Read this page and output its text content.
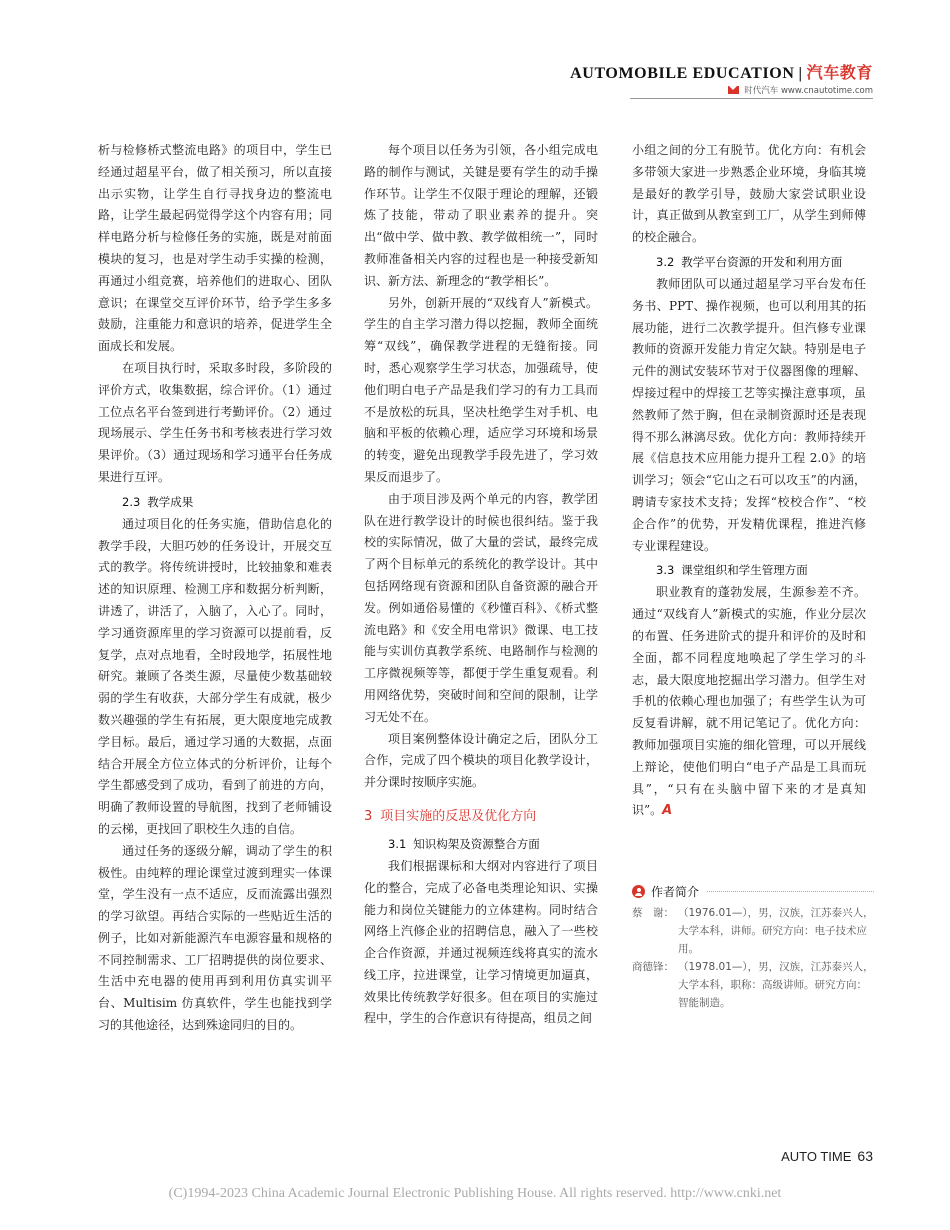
AUTOMOBILE EDUCATION | 汽车教育
时代汽车 www.cnautotime.com

析与检修桥式整流电路》的项目中，学生已经通过超星平台，做了相关预习，所以直接出示实物，让学生自行寻找身边的整流电路，让学生最起码觉得学这个内容有用；同样电路分析与检修任务的实施，既是对前面模块的复习，也是对学生动手实操的检测，再通过小组竞赛，培养他们的进取心、团队意识；在课堂交互评价环节，给予学生多多鼓励，注重能力和意识的培养，促进学生全面成长和发展。

在项目执行时，采取多时段，多阶段的评价方式，收集数据，综合评价。（1）通过工位点名平台签到进行考勤评价。（2）通过现场展示、学生任务书和考核表进行学习效果评价。（3）通过现场和学习通平台任务成果进行互评。

2.3 教学成果

通过项目化的任务实施，借助信息化的教学手段，大胆巧妙的任务设计，开展交互式的教学。将传统讲授时，比较抽象和难表述的知识原理、检测工序和数据分析判断，讲透了，讲活了，入脑了，入心了。同时，学习通资源库里的学习资源可以提前看，反复学，点对点地看，全时段地学，拓展性地研究。兼顾了各类生源，尽量使少数基础较弱的学生有收获，大部分学生有成就，极少数兴趣强的学生有拓展，更大限度地完成教学目标。最后，通过学习通的大数据，点面结合开展全方位立体式的分析评价，让每个学生都感受到了成功，看到了前进的方向，明确了教师设置的导航图，找到了老师铺设的云梯，更找回了职校生久违的自信。

通过任务的逐级分解，调动了学生的积极性。由纯粹的理论课堂过渡到理实一体课堂，学生没有一点不适应，反而流露出强烈的学习欲望。再结合实际的一些贴近生活的例子，比如对新能源汽车电源容量和规格的不同控制需求、工厂招聘提供的岗位要求、生活中充电器的使用再到利用仿真实训平台、Multisim 仿真软件，学生也能找到学习的其他途径，达到殊途同归的目的。

每个项目以任务为引领，各小组完成电路的制作与测试，关键是要有学生的动手操作环节。让学生不仅限于理论的理解，还锻炼了技能，带动了职业素养的提升。突出“做中学、做中教、教学做相统一”，同时教师准备相关内容的过程也是一种接受新知识、新方法、新理念的“教学相长”。

另外，创新开展的“双线育人”新模式。学生的自主学习潜力得以挖掘，教师全面统筹“双线”，确保教学进程的无缝衔接。同时，悉心观察学生学习状态，加强疏导，使他们明白电子产品是我们学习的有力工具而不是放松的玩具，坚决杜绝学生对手机、电脑和平板的依赖心理，适应学习环境和场景的转变，避免出现教学手段先进了，学习效果反而退步了。

由于项目涉及两个单元的内容，教学团队在进行教学设计的时候也很纠结。鉴于我校的实际情况，做了大量的尝试，最终完成了两个目标单元的系统化的教学设计。其中包括网络现有资源和团队自备资源的融合开发。例如通俗易懂的《秒懂百科》、《桥式整流电路》和《安全用电常识》微课、电工技能与实训仿真教学系统、电路制作与检测的工序微视频等等，都便于学生重复观看。利用网络优势，突破时间和空间的限制，让学习无处不在。

项目案例整体设计确定之后，团队分工合作，完成了四个模块的项目化教学设计，并分课时按顺序实施。

3 项目实施的反思及优化方向
3.1 知识构架及资源整合方面

我们根据课标和大纲对内容进行了项目化的整合，完成了必备电类理论知识、实操能力和岗位关键能力的立体建构。同时结合网络上汽修企业的招聘信息，融入了一些校企合作资源，并通过视频连线将真实的流水线工序，拉进课堂，让学习情境更加逼真，效果比传统教学好很多。但在项目的实施过程中，学生的合作意识有待提高，组员之间

小组之间的分工有脱节。优化方向：有机会多带领大家进一步熟悉企业环境，身临其境是最好的教学引导，鼓励大家尝试职业设计，真正做到从教室到工厂，从学生到师傅的校企融合。

3.2 教学平台资源的开发和利用方面

教师团队可以通过超星学习平台发布任务书、PPT、操作视频，也可以利用其的拓展功能，进行二次教学提升。但汽修专业课教师的资源开发能力肯定欠缺。特别是电子元件的测试安装环节对于仪器图像的理解、焊接过程中的焊接工艺等实操注意事项，虽然教师了然于胸，但在录制资源时还是表现得不那么淋漓尽致。优化方向：教师持续开展《信息技术应用能力提升工程 2.0》的培训学习；领会“它山之石可以攻玉”的内涵，聘请专家技术支持；发挥“校校合作”、“校企合作”的优势，开发精优课程，推进汽修专业课程建设。

3.3 课堂组织和学生管理方面

职业教育的蓬勃发展，生源参差不齐。通过“双线育人”新模式的实施，作业分层次的布置、任务进阶式的提升和评价的及时和全面，都不同程度地唤起了学生学习的斗志，最大限度地挖掘出学习潜力。但学生对手机的依赖心理也加强了；有些学生认为可反复看讲解，就不用记笔记了。优化方向：教师加强项目实施的细化管理，可以开展线上辩论，使他们明白“电子产品是工具而玩具”，“只有在头脑中留下来的才是真知识”。A

作者简介
蔡　谢： （1976.01—），男，汉族，江苏泰兴人，大学本科，讲师。研究方向：电子技术应用。
商德锋： （1978.01—），男，汉族，江苏泰兴人，大学本科，职称：高级讲师。研究方向：智能制造。
AUTO TIME 63
(C)1994-2023 China Academic Journal Electronic Publishing House. All rights reserved. http://www.cnki.net
